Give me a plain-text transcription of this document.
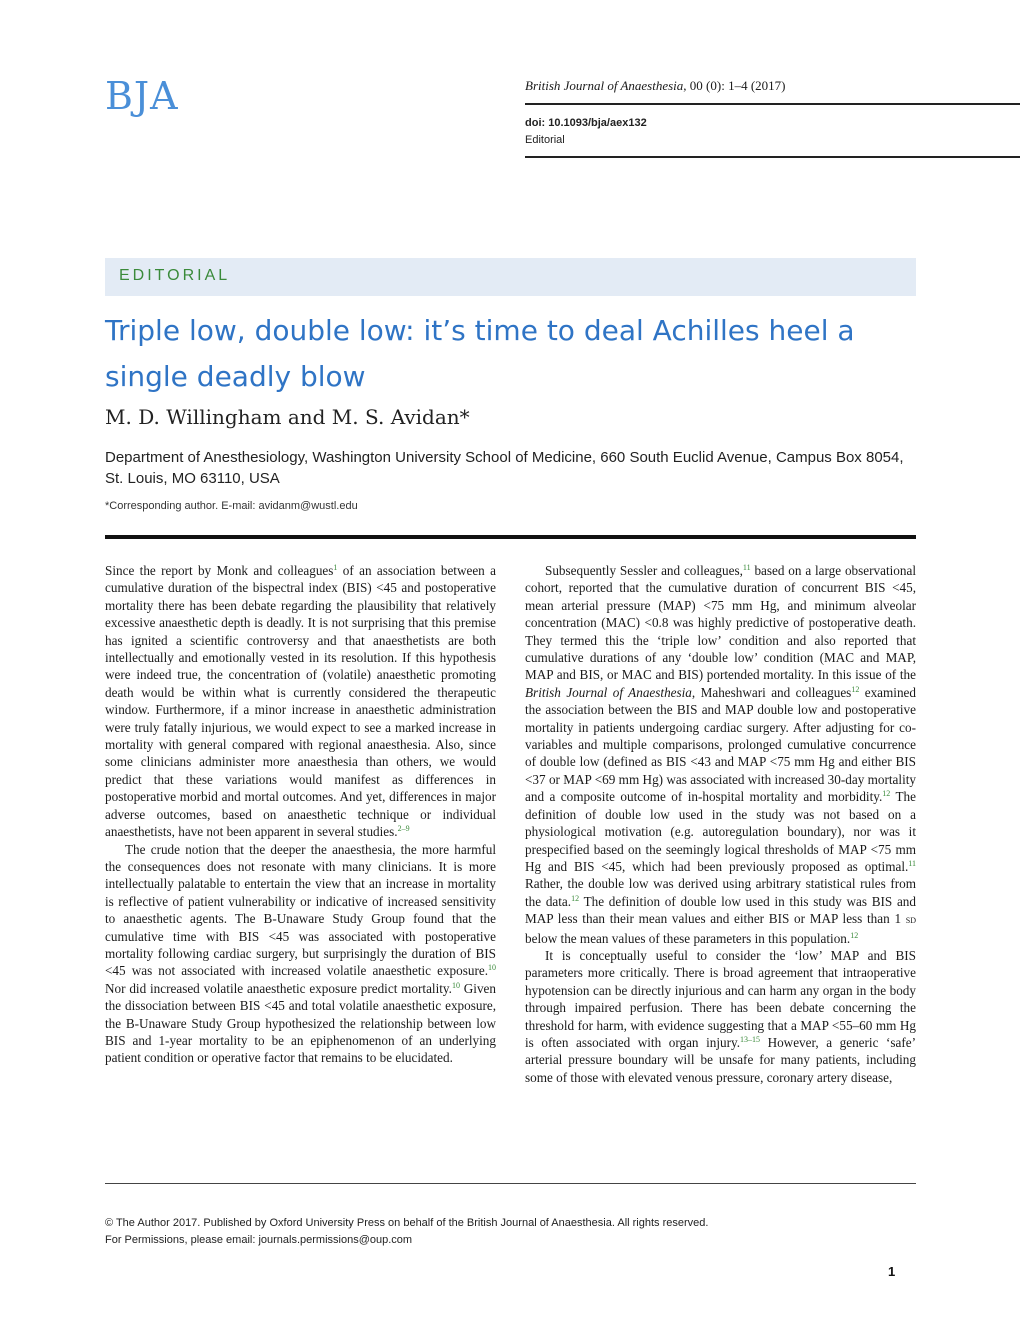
BJA	British Journal of Anaesthesia, 00 (0): 1–4 (2017)
doi: 10.1093/bja/aex132
Editorial
EDITORIAL
Triple low, double low: it’s time to deal Achilles heel a single deadly blow
M. D. Willingham and M. S. Avidan*
Department of Anesthesiology, Washington University School of Medicine, 660 South Euclid Avenue, Campus Box 8054, St. Louis, MO 63110, USA
*Corresponding author. E-mail: avidanm@wustl.edu

Since the report by Monk and colleagues$^1$ of an association between a cumulative duration of the bispectral index (BIS) <45 and postoperative mortality there has been debate regarding the plausibility that relatively excessive anaesthetic depth is deadly. It is not surprising that this premise has ignited a scientific controversy and that anaesthetists are both intellectually and emotionally vested in its resolution. If this hypothesis were indeed true, the concentration of (volatile) anaesthetic promoting death would be within what is currently considered the therapeutic window. Furthermore, if a minor increase in anaesthetic administration were truly fatally injurious, we would expect to see a marked increase in mortality with general compared with regional anaesthesia. Also, since some clinicians administer more anaesthesia than others, we would predict that these variations would manifest as differences in postoperative morbid and mortal outcomes. And yet, differences in major adverse outcomes, based on anaesthetic technique or individual anaesthetists, have not been apparent in several studies.$^{2-9}$

The crude notion that the deeper the anaesthesia, the more harmful the consequences does not resonate with many clinicians. It is more intellectually palatable to entertain the view that an increase in mortality is reflective of patient vulnerability or indicative of increased sensitivity to anaesthetic agents. The B-Unaware Study Group found that the cumulative time with BIS <45 was associated with postoperative mortality following cardiac surgery, but surprisingly the duration of BIS <45 was not associated with increased volatile anaesthetic exposure.$^{10}$ Nor did increased volatile anaesthetic exposure predict mortality.$^{10}$ Given the dissociation between BIS <45 and total volatile anaesthetic exposure, the B-Unaware Study Group hypothesized the relationship between low BIS and 1-year mortality to be an epiphenomenon of an underlying patient condition or operative factor that remains to be elucidated.

Subsequently Sessler and colleagues,$^{11}$ based on a large observational cohort, reported that the cumulative duration of concurrent BIS <45, mean arterial pressure (MAP) <75 mm Hg, and minimum alveolar concentration (MAC) <0.8 was highly predictive of postoperative death. They termed this the ‘triple low’ condition and also reported that cumulative durations of any ‘double low’ condition (MAC and MAP, MAP and BIS, or MAC and BIS) portended mortality. In this issue of the British Journal of Anaesthesia, Maheshwari and colleagues$^{12}$ examined the association between the BIS and MAP double low and postoperative mortality in patients undergoing cardiac surgery. After adjusting for co-variables and multiple comparisons, prolonged cumulative concurrence of double low (defined as BIS <43 and MAP <75 mm Hg and either BIS <37 or MAP <69 mm Hg) was associated with increased 30-day mortality and a composite outcome of in-hospital mortality and morbidity.$^{12}$ The definition of double low used in the study was not based on a physiological motivation (e.g. autoregulation boundary), nor was it prespecified based on the seemingly logical thresholds of MAP <75 mm Hg and BIS <45, which had been previously proposed as optimal.$^{11}$ Rather, the double low was derived using arbitrary statistical rules from the data.$^{12}$ The definition of double low used in this study was BIS and MAP less than their mean values and either BIS or MAP less than 1 sd below the mean values of these parameters in this population.$^{12}$

It is conceptually useful to consider the ‘low’ MAP and BIS parameters more critically. There is broad agreement that intraoperative hypotension can be directly injurious and can harm any organ in the body through impaired perfusion. There has been debate concerning the threshold for harm, with evidence suggesting that a MAP <55–60 mm Hg is often associated with organ injury.$^{13-15}$ However, a generic ‘safe’ arterial pressure boundary will be unsafe for many patients, including some of those with elevated venous pressure, coronary artery disease,

© The Author 2017. Published by Oxford University Press on behalf of the British Journal of Anaesthesia. All rights reserved.
For Permissions, please email: journals.permissions@oup.com
1
